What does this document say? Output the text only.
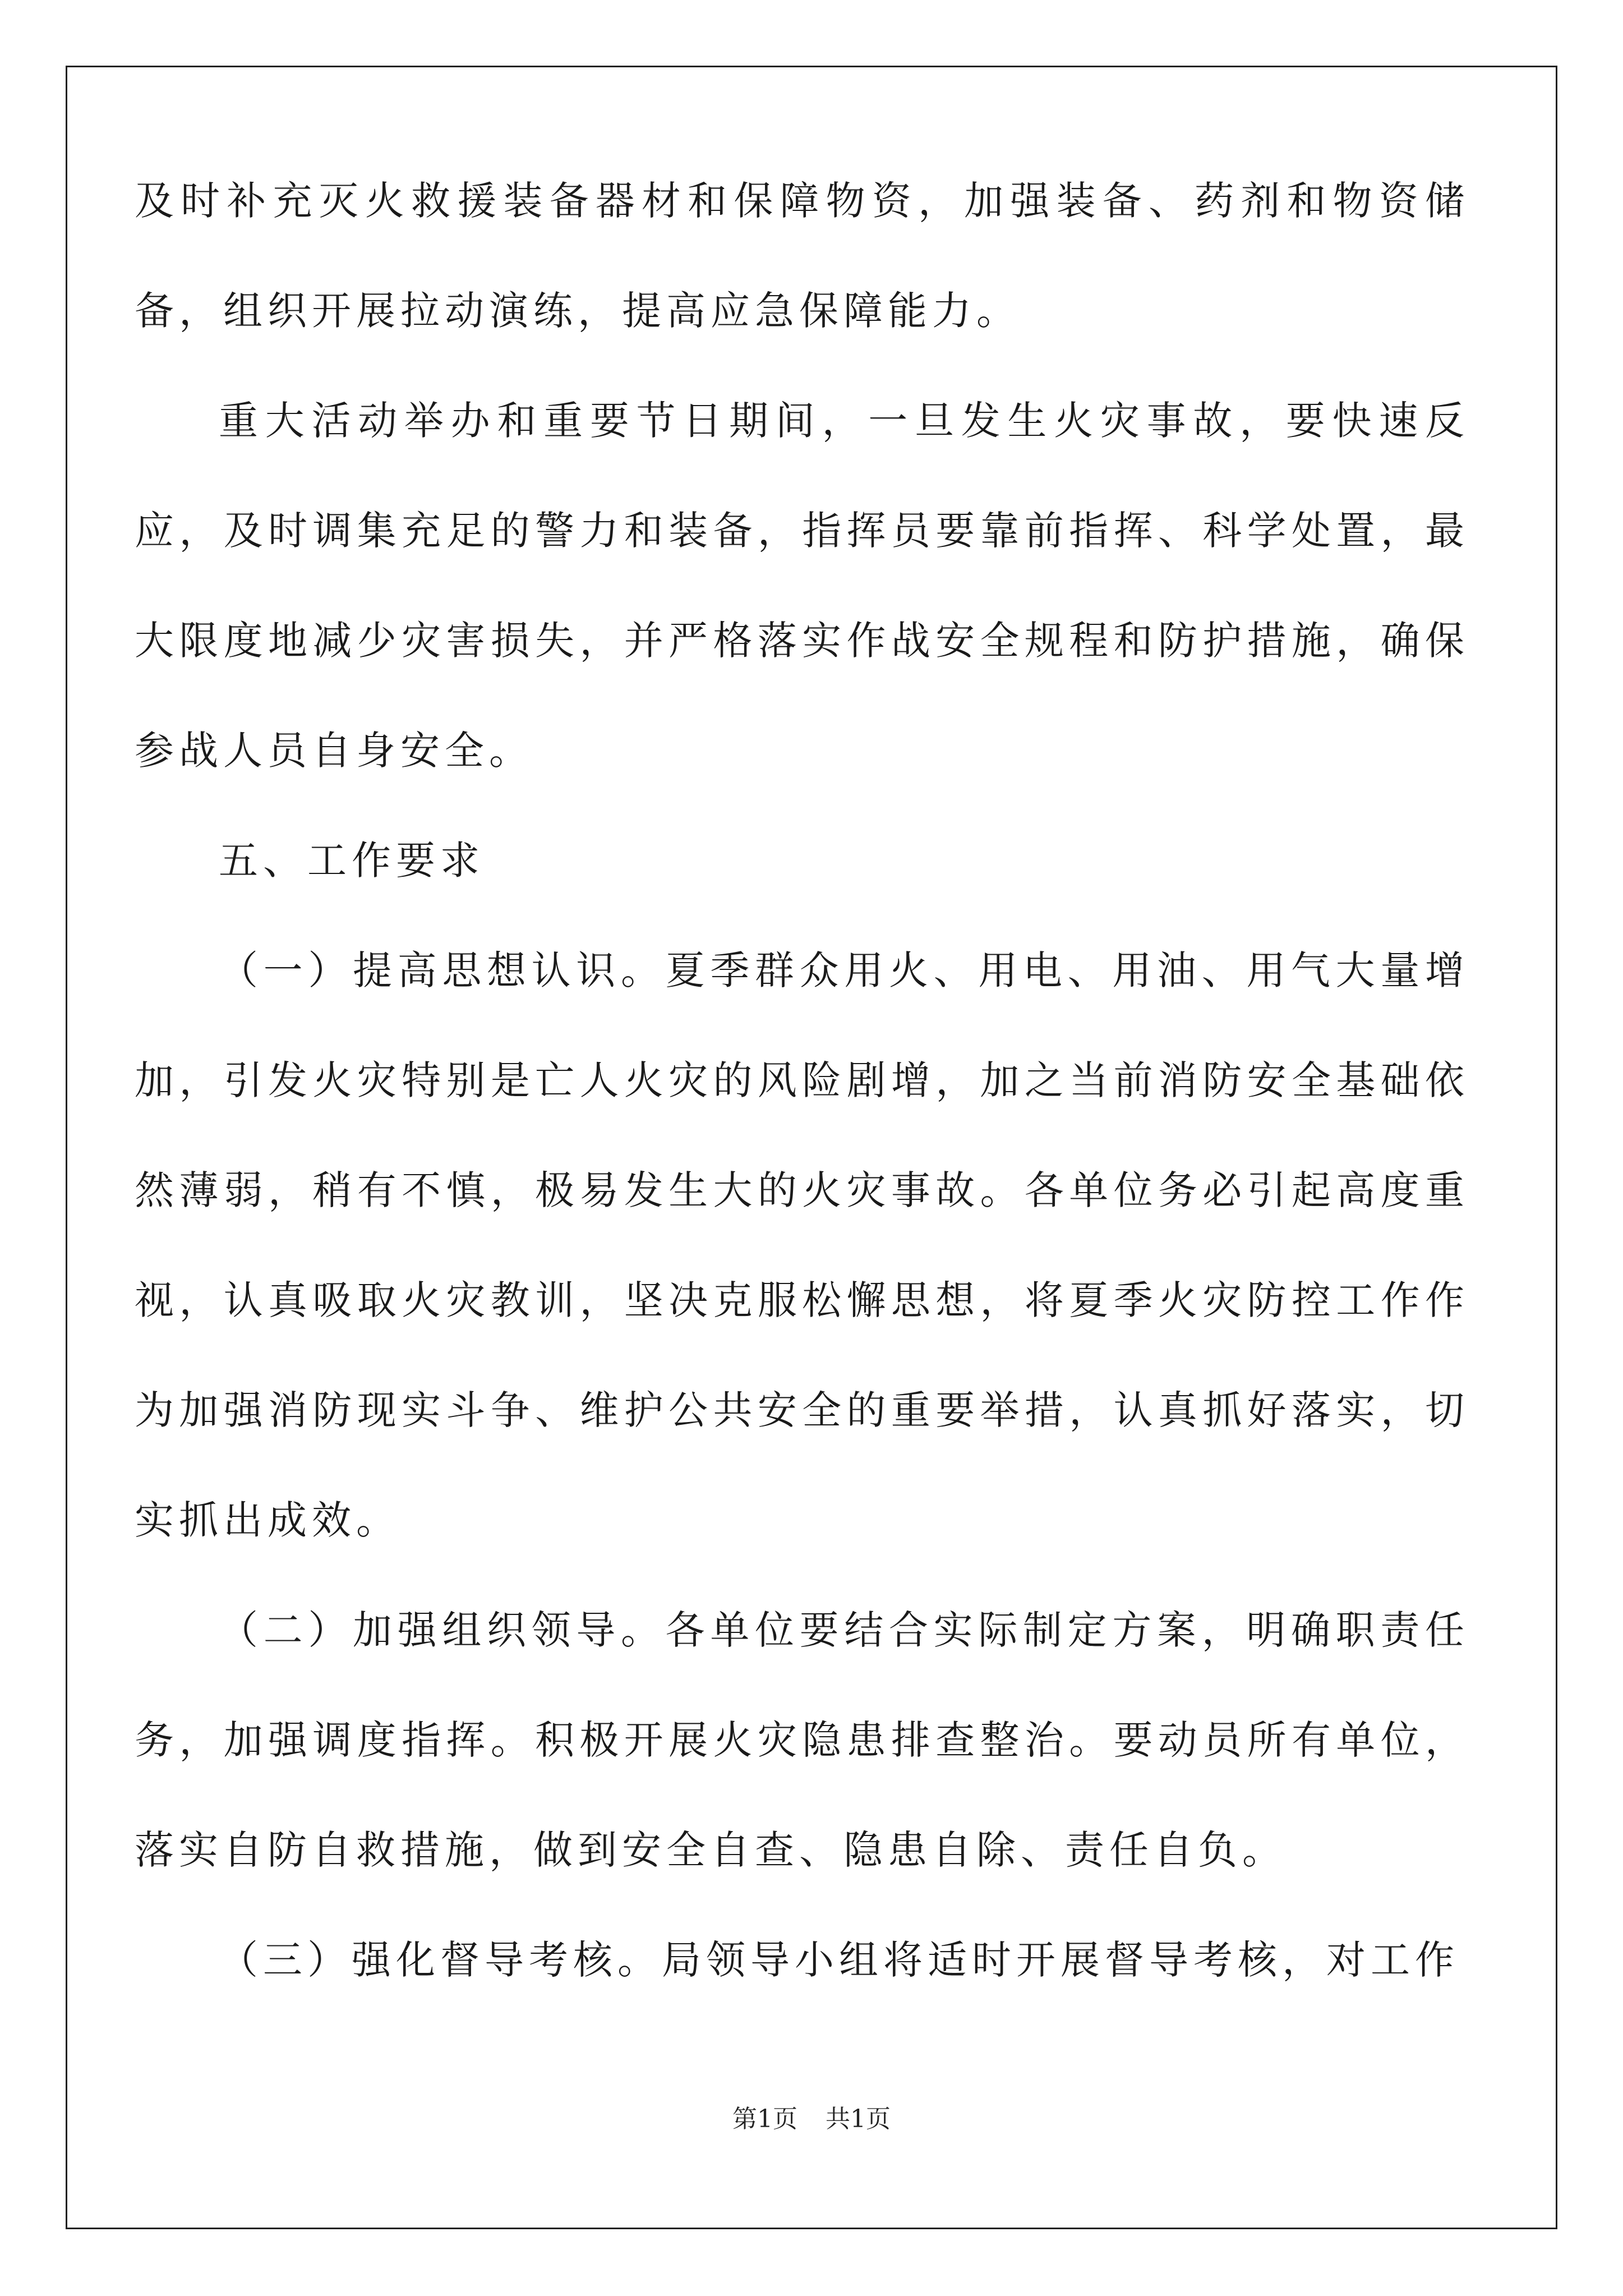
及时补充灭火救援装备器材和保障物资，加强装备、药剂和物资储备，组织开展拉动演练，提高应急保障能力。

重大活动举办和重要节日期间，一旦发生火灾事故，要快速反应，及时调集充足的警力和装备，指挥员要靠前指挥、科学处置，最大限度地减少灾害损失，并严格落实作战安全规程和防护措施，确保参战人员自身安全。

五、工作要求

（一）提高思想认识。夏季群众用火、用电、用油、用气大量增加，引发火灾特别是亡人火灾的风险剧增，加之当前消防安全基础依然薄弱，稍有不慎，极易发生大的火灾事故。各单位务必引起高度重视，认真吸取火灾教训，坚决克服松懈思想，将夏季火灾防控工作作为加强消防现实斗争、维护公共安全的重要举措，认真抓好落实，切实抓出成效。

（二）加强组织领导。各单位要结合实际制定方案，明确职责任务，加强调度指挥。积极开展火灾隐患排查整治。要动员所有单位，落实自防自救措施，做到安全自查、隐患自除、责任自负。

（三）强化督导考核。局领导小组将适时开展督导考核，对工作

第1页 共1页
